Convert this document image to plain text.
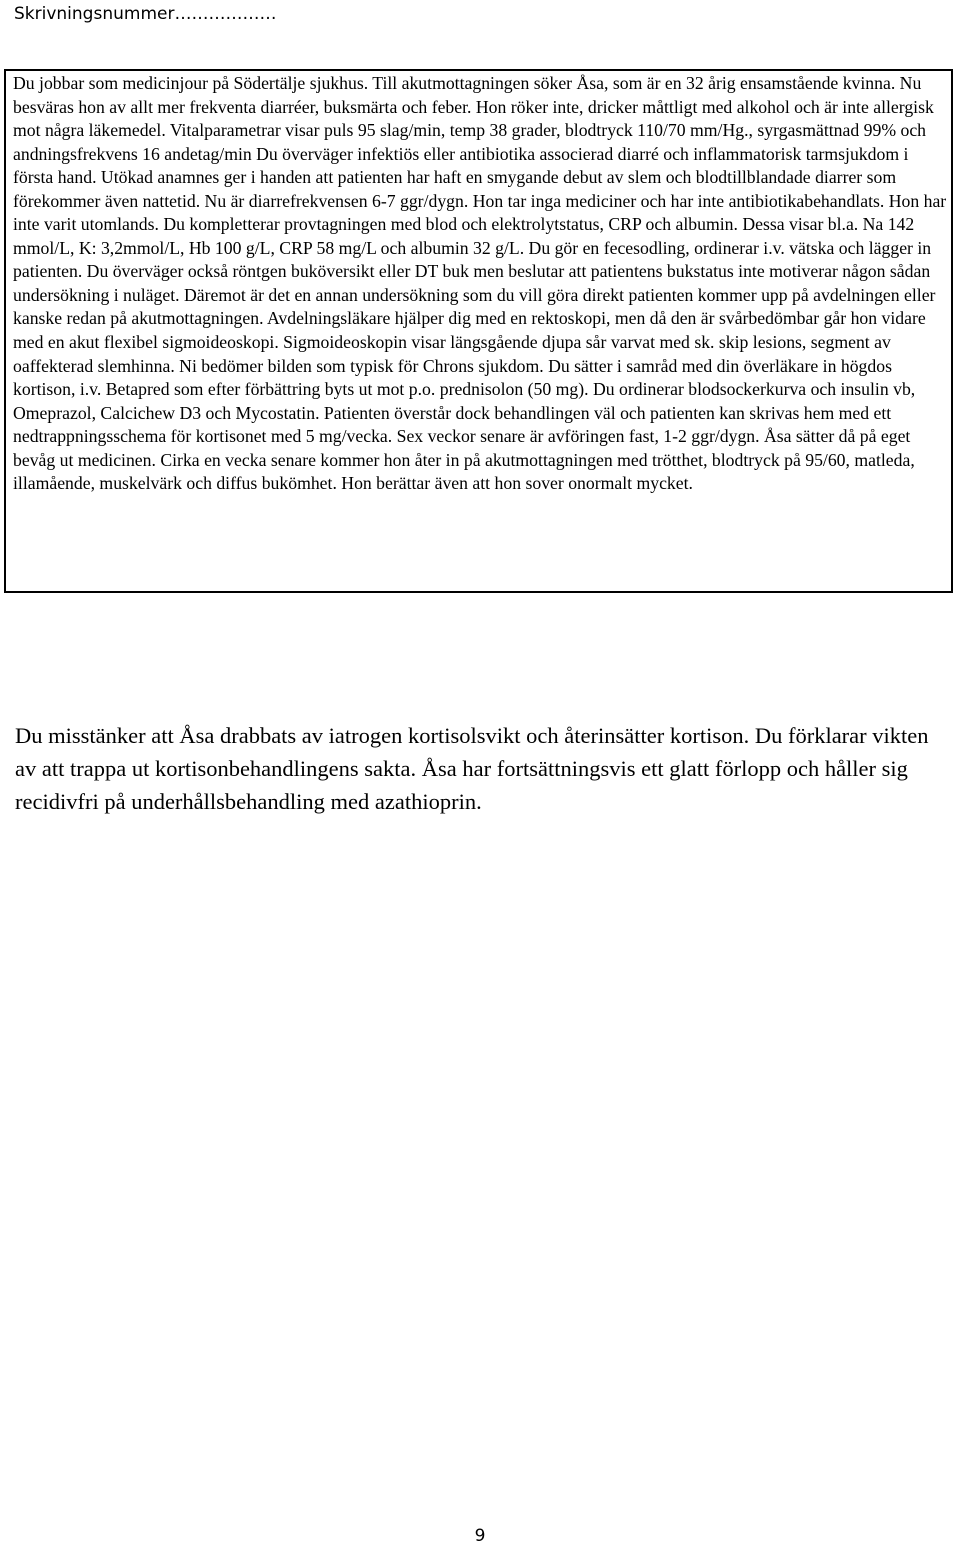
Skrivningsnummer………………

Du jobbar som medicinjour på Södertälje sjukhus. Till akutmottagningen söker Åsa, som är en 32 årig ensamstående kvinna. Nu besväras hon av allt mer frekventa diarréer, buksmärta och feber. Hon röker inte, dricker måttligt med alkohol och är inte allergisk mot några läkemedel. Vitalparametrar visar puls 95 slag/min, temp 38 grader, blodtryck 110/70 mm/Hg., syrgasmättnad 99% och andningsfrekvens 16 andetag/min Du överväger infektiös eller antibiotika associerad diarré och inflammatorisk tarmsjukdom i första hand. Utökad anamnes ger i handen att patienten har haft en smygande debut av slem och blodtillblandade diarrer som förekommer även nattetid. Nu är diarrefrekvensen 6-7 ggr/dygn. Hon tar inga mediciner och har inte antibiotikabehandlats. Hon har inte varit utomlands. Du kompletterar provtagningen med blod och elektrolytstatus, CRP och albumin. Dessa visar bl.a. Na 142 mmol/L, K: 3,2mmol/L, Hb 100 g/L, CRP 58 mg/L och albumin 32 g/L. Du gör en fecesodling, ordinerar i.v. vätska och lägger in patienten. Du överväger också röntgen buköversikt eller DT buk men beslutar att patientens bukstatus inte motiverar någon sådan undersökning i nuläget. Däremot är det en annan undersökning som du vill göra direkt patienten kommer upp på avdelningen eller kanske redan på akutmottagningen. Avdelningsläkare hjälper dig med en rektoskopi, men då den är svårbedömbar går hon vidare med en akut flexibel sigmoideoskopi. Sigmoideoskopin visar längsgående djupa sår varvat med sk. skip lesions, segment av oaffekterad slemhinna. Ni bedömer bilden som typisk för Chrons sjukdom. Du sätter i samråd med din överläkare in högdos kortison, i.v. Betapred som efter förbättring byts ut mot p.o. prednisolon (50 mg). Du ordinerar blodsockerkurva och insulin vb, Omeprazol, Calcichew D3 och Mycostatin. Patienten överstår dock behandlingen väl och patienten kan skrivas hem med ett nedtrappningsschema för kortisonet med 5 mg/vecka. Sex veckor senare är avföringen fast, 1-2 ggr/dygn. Åsa sätter då på eget bevåg ut medicinen. Cirka en vecka senare kommer hon åter in på akutmottagningen med trötthet, blodtryck på 95/60, matleda, illamående, muskelvärk och diffus bukömhet. Hon berättar även att hon sover onormalt mycket.

Du misstänker att Åsa drabbats av iatrogen kortisolsvikt och återinsätter kortison. Du förklarar vikten av att trappa ut kortisonbehandlingens sakta. Åsa har fortsättningsvis ett glatt förlopp och håller sig recidivfri på underhållsbehandling med azathioprin.

9
